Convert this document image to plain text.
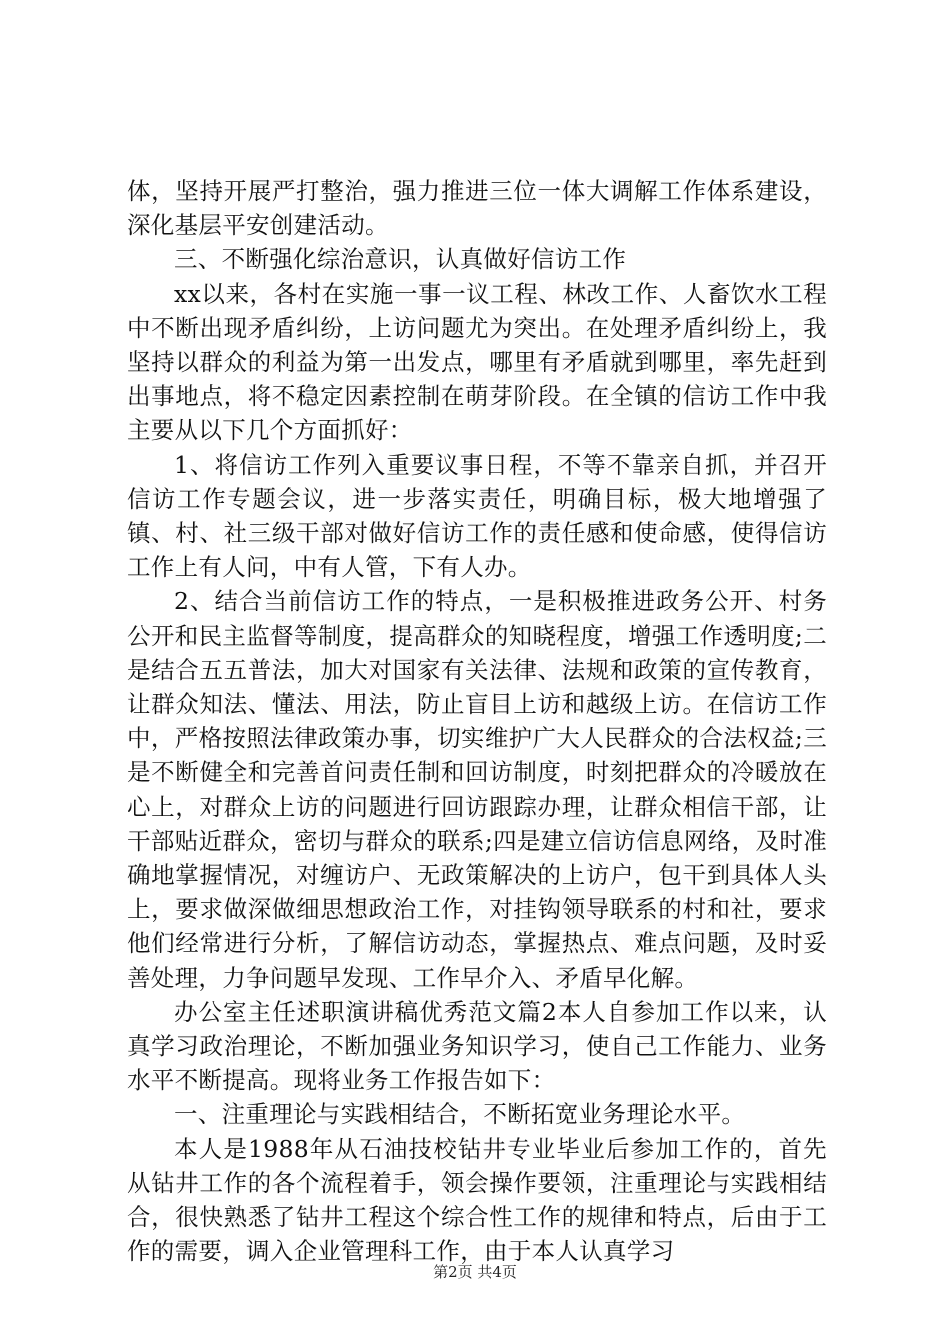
体，坚持开展严打整治，强力推进三位一体大调解工作体系建设，深化基层平安创建活动。

三、不断强化综治意识，认真做好信访工作

xx以来，各村在实施一事一议工程、林改工作、人畜饮水工程中不断出现矛盾纠纷，上访问题尤为突出。在处理矛盾纠纷上，我坚持以群众的利益为第一出发点，哪里有矛盾就到哪里，率先赶到出事地点，将不稳定因素控制在萌芽阶段。在全镇的信访工作中我主要从以下几个方面抓好：

1、将信访工作列入重要议事日程，不等不靠亲自抓，并召开信访工作专题会议，进一步落实责任，明确目标，极大地增强了镇、村、社三级干部对做好信访工作的责任感和使命感，使得信访工作上有人问，中有人管，下有人办。

2、结合当前信访工作的特点，一是积极推进政务公开、村务公开和民主监督等制度，提高群众的知晓程度，增强工作透明度;二是结合五五普法，加大对国家有关法律、法规和政策的宣传教育，让群众知法、懂法、用法，防止盲目上访和越级上访。在信访工作中，严格按照法律政策办事，切实维护广大人民群众的合法权益;三是不断健全和完善首问责任制和回访制度，时刻把群众的冷暖放在心上，对群众上访的问题进行回访跟踪办理，让群众相信干部，让干部贴近群众，密切与群众的联系;四是建立信访信息网络，及时准确地掌握情况，对缠访户、无政策解决的上访户，包干到具体人头上，要求做深做细思想政治工作，对挂钩领导联系的村和社，要求他们经常进行分析，了解信访动态，掌握热点、难点问题，及时妥善处理，力争问题早发现、工作早介入、矛盾早化解。

办公室主任述职演讲稿优秀范文篇2本人自参加工作以来，认真学习政治理论，不断加强业务知识学习，使自己工作能力、业务水平不断提高。现将业务工作报告如下：

一、注重理论与实践相结合，不断拓宽业务理论水平。

本人是1988年从石油技校钻井专业毕业后参加工作的，首先从钻井工作的各个流程着手，领会操作要领，注重理论与实践相结合，很快熟悉了钻井工程这个综合性工作的规律和特点，后由于工作的需要，调入企业管理科工作，由于本人认真学习

第2页 共4页
